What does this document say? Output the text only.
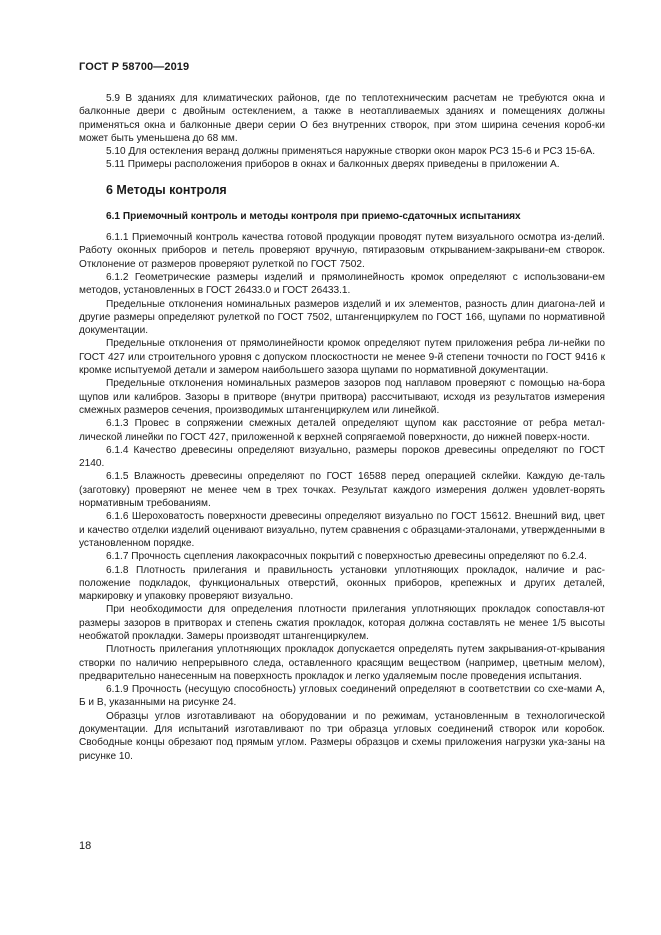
ГОСТ Р 58700—2019

5.9 В зданиях для климатических районов, где по теплотехническим расчетам не требуются окна и балконные двери с двойным остеклением, а также в неотапливаемых зданиях и помещениях должны применяться окна и балконные двери серии О без внутренних створок, при этом ширина сечения короб-ки может быть уменьшена до 68 мм.

5.10 Для остекления веранд должны применяться наружные створки окон марок РС3 15-6 и РС3 15-6А.

5.11 Примеры расположения приборов в окнах и балконных дверях приведены в приложении А.

6 Методы контроля
6.1 Приемочный контроль и методы контроля при приемо-сдаточных испытаниях

6.1.1 Приемочный контроль качества готовой продукции проводят путем визуального осмотра из-делий. Работу оконных приборов и петель проверяют вручную, пятиразовым открыванием-закрывани-ем створок. Отклонение от размеров проверяют рулеткой по ГОСТ 7502.

6.1.2 Геометрические размеры изделий и прямолинейность кромок определяют с использовани-ем методов, установленных в ГОСТ 26433.0 и ГОСТ 26433.1.

Предельные отклонения номинальных размеров изделий и их элементов, разность длин диагона-лей и другие размеры определяют рулеткой по ГОСТ 7502, штангенциркулем по ГОСТ 166, щупами по нормативной документации.

Предельные отклонения от прямолинейности кромок определяют путем приложения ребра ли-нейки по ГОСТ 427 или строительного уровня с допуском плоскостности не менее 9-й степени точности по ГОСТ 9416 к кромке испытуемой детали и замером наибольшего зазора щупами по нормативной документации.

Предельные отклонения номинальных размеров зазоров под наплавом проверяют с помощью на-бора щупов или калибров. Зазоры в притворе (внутри притвора) рассчитывают, исходя из результатов измерения смежных размеров сечения, производимых штангенциркулем или линейкой.

6.1.3 Провес в сопряжении смежных деталей определяют щупом как расстояние от ребра метал-лической линейки по ГОСТ 427, приложенной к верхней сопрягаемой поверхности, до нижней поверх-ности.

6.1.4 Качество древесины определяют визуально, размеры пороков древесины определяют по ГОСТ 2140.

6.1.5 Влажность древесины определяют по ГОСТ 16588 перед операцией склейки. Каждую де-таль (заготовку) проверяют не менее чем в трех точках. Результат каждого измерения должен удовлет-ворять нормативным требованиям.

6.1.6 Шероховатость поверхности древесины определяют визуально по ГОСТ 15612. Внешний вид, цвет и качество отделки изделий оценивают визуально, путем сравнения с образцами-эталонами, утвержденными в установленном порядке.

6.1.7 Прочность сцепления лакокрасочных покрытий с поверхностью древесины определяют по 6.2.4.

6.1.8 Плотность прилегания и правильность установки уплотняющих прокладок, наличие и рас-положение подкладок, функциональных отверстий, оконных приборов, крепежных и других деталей, маркировку и упаковку проверяют визуально.

При необходимости для определения плотности прилегания уплотняющих прокладок сопоставля-ют размеры зазоров в притворах и степень сжатия прокладок, которая должна составлять не менее 1/5 высоты необжатой прокладки. Замеры производят штангенциркулем.

Плотность прилегания уплотняющих прокладок допускается определять путем закрывания-от-крывания створки по наличию непрерывного следа, оставленного красящим веществом (например, цветным мелом), предварительно нанесенным на поверхность прокладок и легко удаляемым после проведения испытания.

6.1.9 Прочность (несущую способность) угловых соединений определяют в соответствии со схе-мами А, Б и В, указанными на рисунке 24.

Образцы углов изготавливают на оборудовании и по режимам, установленным в технологической документации. Для испытаний изготавливают по три образца угловых соединений створок или коробок. Свободные концы обрезают под прямым углом. Размеры образцов и схемы приложения нагрузки ука-заны на рисунке 10.

18
